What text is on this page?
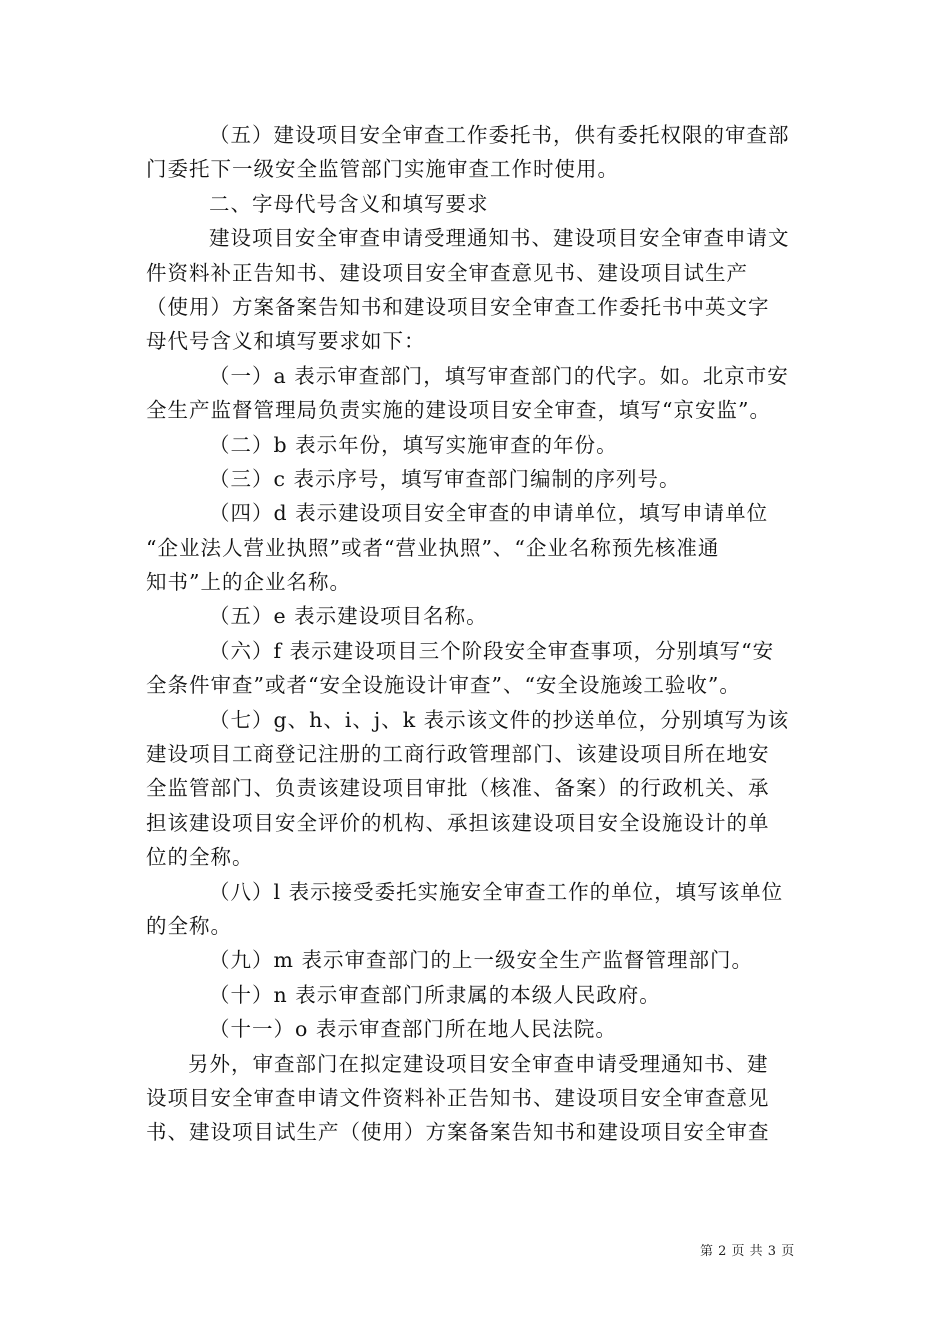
（五）建设项目安全审查工作委托书，供有委托权限的审查部
门委托下一级安全监管部门实施审查工作时使用。
二、字母代号含义和填写要求
建设项目安全审查申请受理通知书、建设项目安全审查申请文
件资料补正告知书、建设项目安全审查意见书、建设项目试生产
（使用）方案备案告知书和建设项目安全审查工作委托书中英文字
母代号含义和填写要求如下：
（一）a 表示审查部门，填写审查部门的代字。如。北京市安
全生产监督管理局负责实施的建设项目安全审查，填写“京安监”。
（二）b 表示年份，填写实施审查的年份。
（三）c 表示序号，填写审查部门编制的序列号。
（四）d 表示建设项目安全审查的申请单位，填写申请单位
“企业法人营业执照”或者“营业执照”、“企业名称预先核准通
知书”上的企业名称。
（五）e 表示建设项目名称。
（六）f 表示建设项目三个阶段安全审查事项，分别填写“安
全条件审查”或者“安全设施设计审查”、“安全设施竣工验收”。
（七）g、h、i、j、k 表示该文件的抄送单位，分别填写为该
建设项目工商登记注册的工商行政管理部门、该建设项目所在地安
全监管部门、负责该建设项目审批（核准、备案）的行政机关、承
担该建设项目安全评价的机构、承担该建设项目安全设施设计的单
位的全称。
（八）l 表示接受委托实施安全审查工作的单位，填写该单位
的全称。
（九）m 表示审查部门的上一级安全生产监督管理部门。
（十）n 表示审查部门所隶属的本级人民政府。
（十一）o 表示审查部门所在地人民法院。
另外，审查部门在拟定建设项目安全审查申请受理通知书、建
设项目安全审查申请文件资料补正告知书、建设项目安全审查意见
书、建设项目试生产（使用）方案备案告知书和建设项目安全审查
第 2 页 共 3 页
